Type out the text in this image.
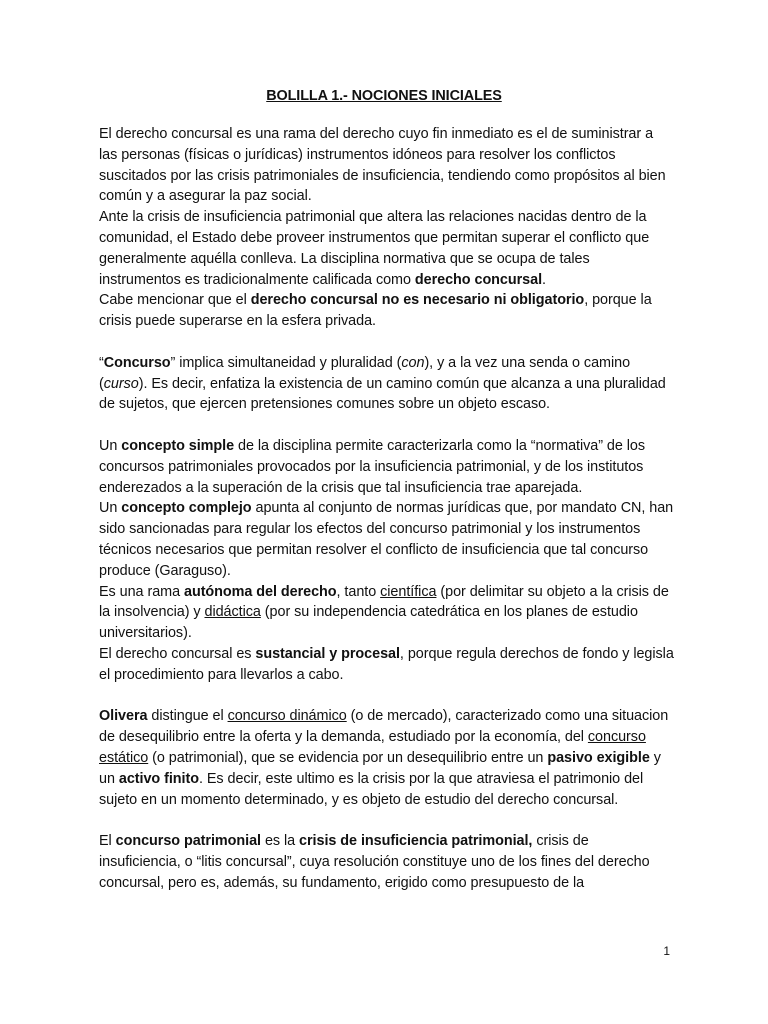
BOLILLA 1.- NOCIONES INICIALES

El derecho concursal es una rama del derecho cuyo fin inmediato es el de suministrar a las personas (físicas o jurídicas) instrumentos idóneos para resolver los conflictos suscitados por las crisis patrimoniales de insuficiencia, tendiendo como propósitos al bien común y a asegurar la paz social.

Ante la crisis de insuficiencia patrimonial que altera las relaciones nacidas dentro de la comunidad, el Estado debe proveer instrumentos que permitan superar el conflicto que generalmente aquélla conlleva. La disciplina normativa que se ocupa de tales instrumentos es tradicionalmente calificada como derecho concursal.

Cabe mencionar que el derecho concursal no es necesario ni obligatorio, porque la crisis puede superarse en la esfera privada.

“Concurso” implica simultaneidad y pluralidad (con), y a la vez una senda o camino (curso). Es decir, enfatiza la existencia de un camino común que alcanza a una pluralidad de sujetos, que ejercen pretensiones comunes sobre un objeto escaso.

Un concepto simple de la disciplina permite caracterizarla como la “normativa” de los concursos patrimoniales provocados por la insuficiencia patrimonial, y de los institutos enderezados a la superación de la crisis que tal insuficiencia trae aparejada.

Un concepto complejo apunta al conjunto de normas jurídicas que, por mandato CN, han sido sancionadas para regular los efectos del concurso patrimonial y los instrumentos técnicos necesarios que permitan resolver el conflicto de insuficiencia que tal concurso produce (Garaguso).

Es una rama autónoma del derecho, tanto científica (por delimitar su objeto a la crisis de la insolvencia) y didáctica (por su independencia catedrática en los planes de estudio universitarios).

El derecho concursal es sustancial y procesal, porque regula derechos de fondo y legisla el procedimiento para llevarlos a cabo.

Olivera distingue el concurso dinámico (o de mercado), caracterizado como una situacion de desequilibrio entre la oferta y la demanda, estudiado por la economía, del concurso estático (o patrimonial), que se evidencia por un desequilibrio entre un pasivo exigible y un activo finito. Es decir, este ultimo es la crisis por la que atraviesa el patrimonio del sujeto en un momento determinado, y es objeto de estudio del derecho concursal.

El concurso patrimonial es la crisis de insuficiencia patrimonial, crisis de insuficiencia, o “litis concursal”, cuya resolución constituye uno de los fines del derecho concursal, pero es, además, su fundamento, erigido como presupuesto de la

1
